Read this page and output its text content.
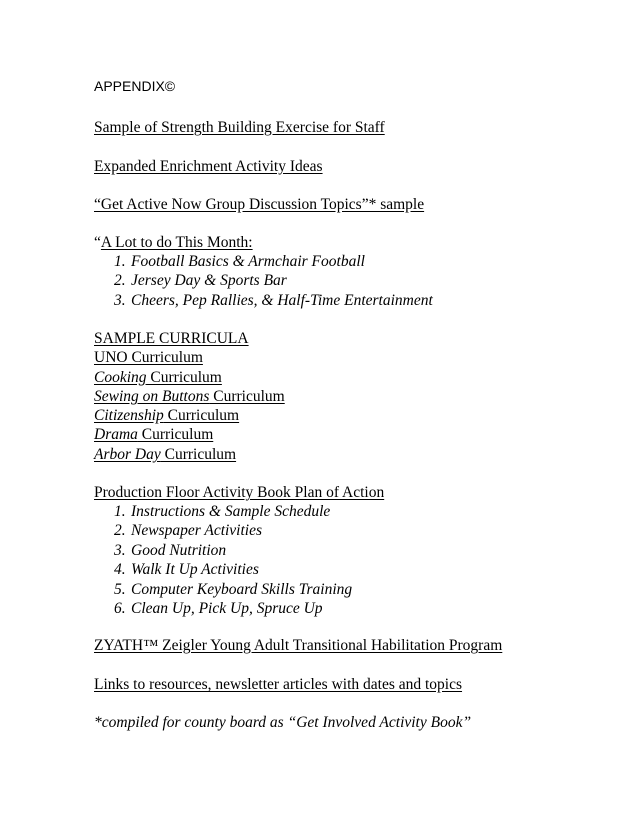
APPENDIX©
Sample of Strength Building Exercise for Staff
Expanded Enrichment Activity Ideas
“Get Active Now Group Discussion Topics”* sample
“A Lot to do This Month:
1. Football Basics & Armchair Football
2. Jersey Day & Sports Bar
3. Cheers, Pep Rallies, & Half-Time Entertainment
SAMPLE CURRICULA
UNO Curriculum
Cooking Curriculum
Sewing on Buttons Curriculum
Citizenship Curriculum
Drama Curriculum
Arbor Day Curriculum
Production Floor Activity Book Plan of Action
1. Instructions & Sample Schedule
2. Newspaper Activities
3. Good Nutrition
4. Walk It Up Activities
5. Computer Keyboard Skills Training
6. Clean Up, Pick Up, Spruce Up
ZYATH™ Zeigler Young Adult Transitional Habilitation Program
Links to resources, newsletter articles with dates and topics
*compiled for county board as “Get Involved Activity Book”
